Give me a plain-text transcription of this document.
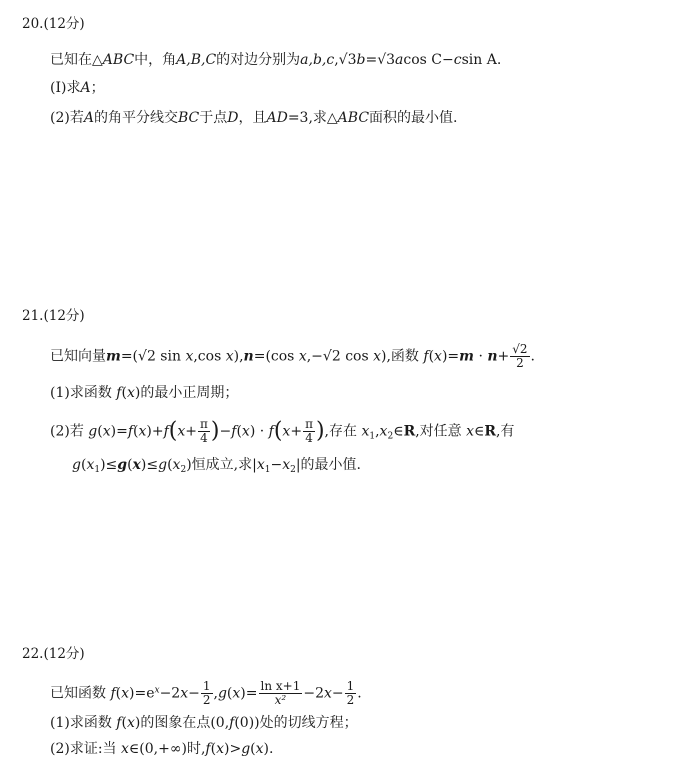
20.(12分)
已知在△ABC中，角A,B,C的对边分别为a,b,c,√3b=√3acos C−csin A.
(Ⅰ)求A；
(2)若A的角平分线交BC于点D，且AD=3,求△ABC面积的最小值.
21.(12分)
已知向量m=(√2 sin x,cos x),n=(cos x,−√2 cos x),函数 $f(x)=m \cdot n+ \frac{√2}{2}$ .
(1)求函数 f(x)的最小正周期；
(2)若 $g(x)=f(x)+f(x+ \frac{\pi}{4} )-f(x) \cdot f(x+ \frac{\pi}{4}$ ),存在 $x_1,x_2\in R$,对任意 x∈R,有
$g(x_1)\le g(x)\le g(x_2)$恒成立,求$|x_1-x_2|$的最小值.
22.(12分)
已知函数 $f(x)=e^x-2x- \frac{1}{2} ,g(x)= \frac{\text{ln x+1}}{\text{x²}} -2x- \frac{1}{2}$ .
(1)求函数 f(x)的图象在点(0,f(0))处的切线方程；
(2)求证:当 x∈(0,+∞)时,f(x)>g(x).
